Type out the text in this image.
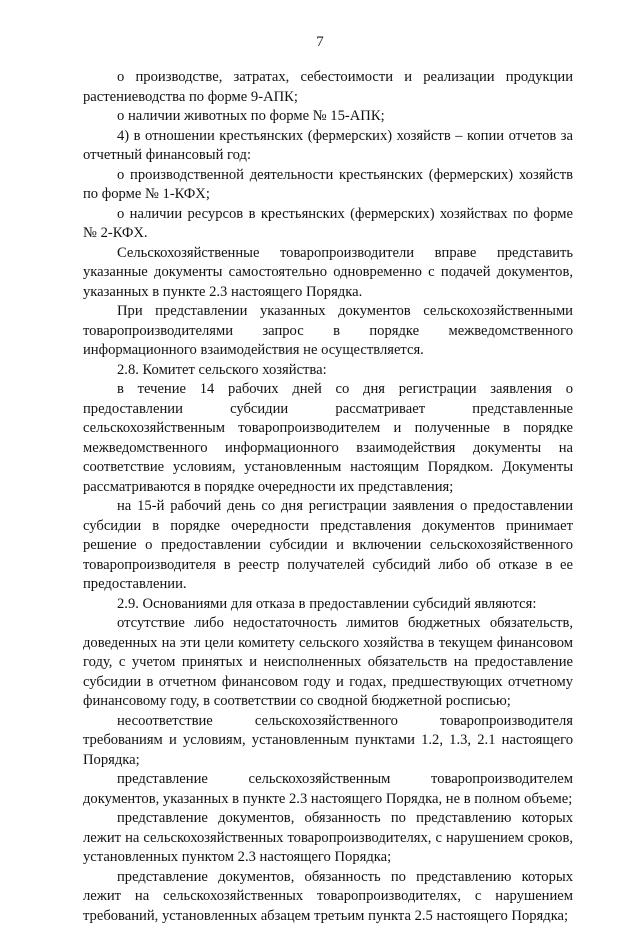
7

о производстве, затратах, себестоимости и реализации продукции растениеводства по форме 9-АПК;

о наличии животных по форме № 15-АПК;

4) в отношении крестьянских (фермерских) хозяйств – копии отчетов за отчетный финансовый год:

о производственной деятельности крестьянских (фермерских) хозяйств по форме № 1-КФХ;

о наличии ресурсов в крестьянских (фермерских) хозяйствах по форме № 2-КФХ.

Сельскохозяйственные товаропроизводители вправе представить указанные документы самостоятельно одновременно с подачей документов, указанных в пункте 2.3 настоящего Порядка.

При представлении указанных документов сельскохозяйственными товаропроизводителями запрос в порядке межведомственного информационного взаимодействия не осуществляется.

2.8. Комитет сельского хозяйства:

в течение 14 рабочих дней со дня регистрации заявления о предоставлении субсидии рассматривает представленные сельскохозяйственным товаропроизводителем и полученные в порядке межведомственного информационного взаимодействия документы на соответствие условиям, установленным настоящим Порядком. Документы рассматриваются в порядке очередности их представления;

на 15-й рабочий день со дня регистрации заявления о предоставлении субсидии в порядке очередности представления документов принимает решение о предоставлении субсидии и включении сельскохозяйственного товаропроизводителя в реестр получателей субсидий либо об отказе в ее предоставлении.

2.9. Основаниями для отказа в предоставлении субсидий являются:

отсутствие либо недостаточность лимитов бюджетных обязательств, доведенных на эти цели комитету сельского хозяйства в текущем финансовом году, с учетом принятых и неисполненных обязательств на предоставление субсидии в отчетном финансовом году и годах, предшествующих отчетному финансовому году, в соответствии со сводной бюджетной росписью;

несоответствие сельскохозяйственного товаропроизводителя требованиям и условиям, установленным пунктами 1.2, 1.3, 2.1 настоящего Порядка;

представление сельскохозяйственным товаропроизводителем документов, указанных в пункте 2.3 настоящего Порядка, не в полном объеме;

представление документов, обязанность по представлению которых лежит на сельскохозяйственных товаропроизводителях, с нарушением сроков, установленных пунктом 2.3 настоящего Порядка;

представление документов, обязанность по представлению которых лежит на сельскохозяйственных товаропроизводителях, с нарушением требований, установленных абзацем третьим пункта 2.5 настоящего Порядка;
